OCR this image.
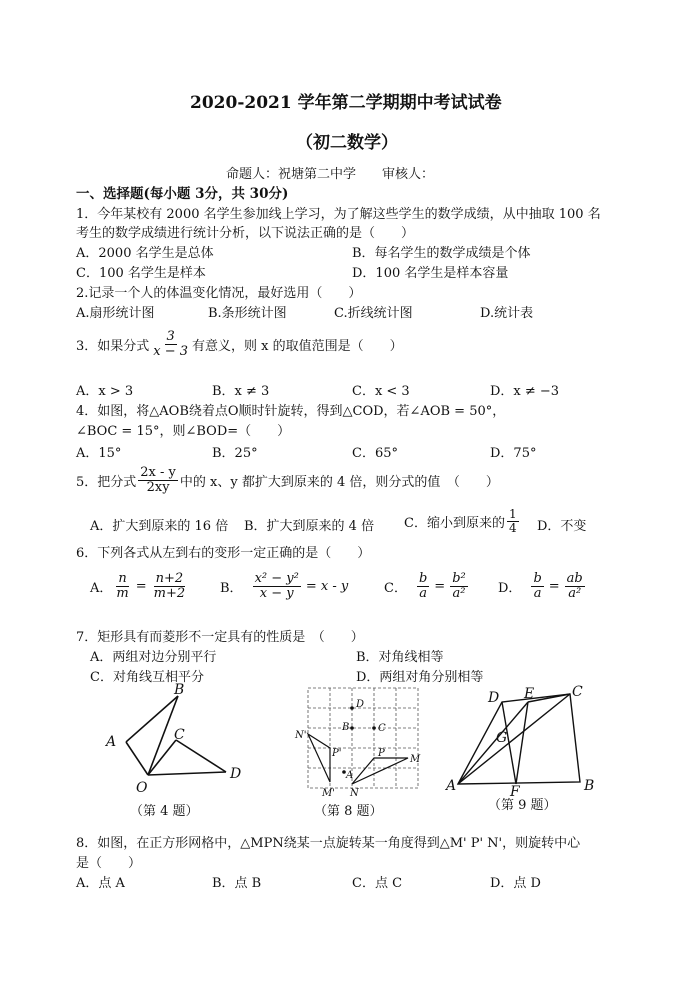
2020-2021 学年第二学期期中考试试卷
（初二数学）
命题人：祝塘第二中学　　审核人：
一、选择题(每小题 3分，共 30分)
1．今年某校有 2000 名学生参加线上学习，为了解这些学生的数学成绩，从中抽取 100 名
考生的数学成绩进行统计分析，以下说法正确的是（　　）
A．2000 名学生是总体	B．每名学生的数学成绩是个体
C．100 名学生是样本	D．100 名学生是样本容量
2.记录一个人的体温变化情况，最好选用（　　）
A.扇形统计图	B.条形统计图	C.折线统计图	D.统计表
3．如果分式 $\frac{3}{x - 3}$ 有意义，则 x 的取值范围是（　　）
A．x > 3	B．x ≠ 3	C．x < 3	D．x ≠ −3
4．如图，将△AOB绕着点O顺时针旋转，得到△COD，若∠AOB = 50°，
∠BOC = 15°，则∠BOD=（　　）
A．15°	B．25°	C．65°	D．75°
5．把分式 $\frac{2x - y}{2xy}$ 中的 x、y 都扩大到原来的 4 倍，则分式的值　（　　）
A．扩大到原来的 16 倍 B．扩大到原来的 4 倍 C．缩小到原来的 $\frac{1}{4}$ D．不变
6．下列各式从左到右的变形一定正确的是（　　）
A． $\frac{n}{m} = \frac{n+2}{m+2}$	B． $\frac{\text{x² − y²}}{x - y} = x - y$	C． $\frac{b}{a} = \frac{\text{b²}}{\text{a²}}$ D． $\frac{b}{a} = \frac{ab}{\text{a²}}$
7．矩形具有而菱形不一定具有的性质是　（　　）
A．两组对边分别平行	B．对角线相等
C．对角线互相平分	D．两组对角分别相等
A
B
C
O
D
（第 4 题）
D
B	C
N'
P'	P
M
M'
A
N
（第 8 题）
D E	C
G
A	F	B
（第 9 题）
8．如图，在正方形网格中，△MPN绕某一点旋转某一角度得到△M' P' N'，则旋转中心
是（　　）
A．点 A	B．点 B	C．点 C	D．点 D
